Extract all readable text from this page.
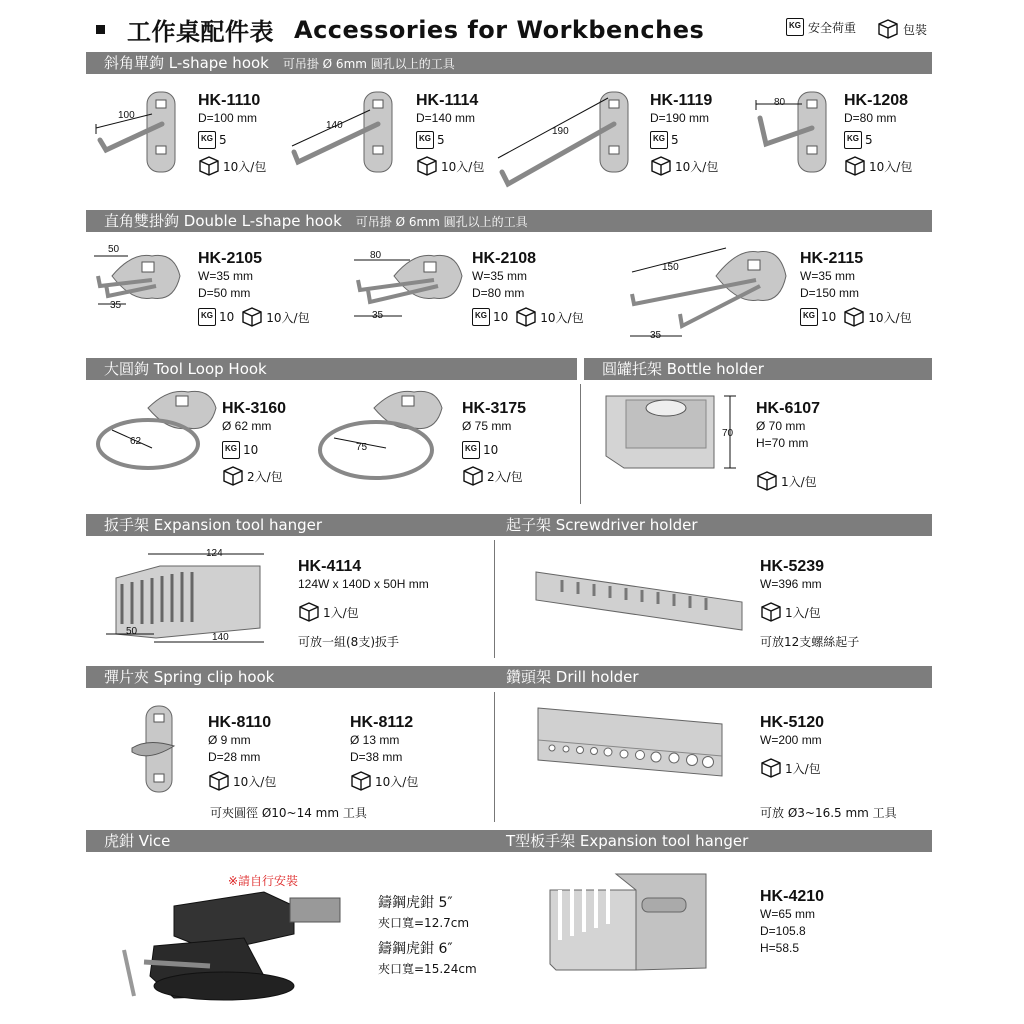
工作桌配件表 Accessories for Workbenches	KG 安全荷重	包裝
斜角單鉤 L-shape hook 可吊掛 Ø 6mm 圓孔以上的工具
直角雙掛鉤 Double L-shape hook 可吊掛 Ø 6mm 圓孔以上的工具
大圓鉤 Tool Loop Hook	圓罐托架 Bottle holder
扳手架 Expansion tool hanger	起子架 Screwdriver holder
彈片夾 Spring clip hook	鑽頭架 Drill holder
虎鉗 Vice	T型板手架 Expansion tool hanger
100
HK-1110
D=100 mm
KG 5
10入/包
140
HK-1114
D=140 mm
KG 5
10入/包
190
HK-1119
D=190 mm
KG 5
10入/包
80	HK-1208
D=80 mm
KG 5
10入/包
50
35
HK-2105
W=35 mm
D=50 mm
KG 10	10入/包
80
35
HK-2108
W=35 mm
D=80 mm
KG 10	10入/包
150
35
HK-2115
W=35 mm
D=150 mm
KG 10	10入/包
62
HK-3160
Ø 62 mm
KG 10
2入/包
75
HK-3175
Ø 75 mm
KG 10
2入/包
70
HK-6107
Ø 70 mm
H=70 mm
1入/包
124
50
140
HK-4114
124W x 140D x 50H mm
1入/包
可放一組(8支)扳手
HK-5239
W=396 mm
1入/包
可放12支螺絲起子
HK-8110
Ø 9 mm
D=28 mm
10入/包
HK-8112
Ø 13 mm
D=38 mm
10入/包
可夾圓徑 Ø10~14 mm 工具
HK-5120
W=200 mm
1入/包
可放 Ø3~16.5 mm 工具
※請自行安裝
鑄鋼虎鉗 5″
夾口寬=12.7cm
鑄鋼虎鉗 6″
夾口寬=15.24cm
HK-4210
W=65 mm
D=105.8
H=58.5
